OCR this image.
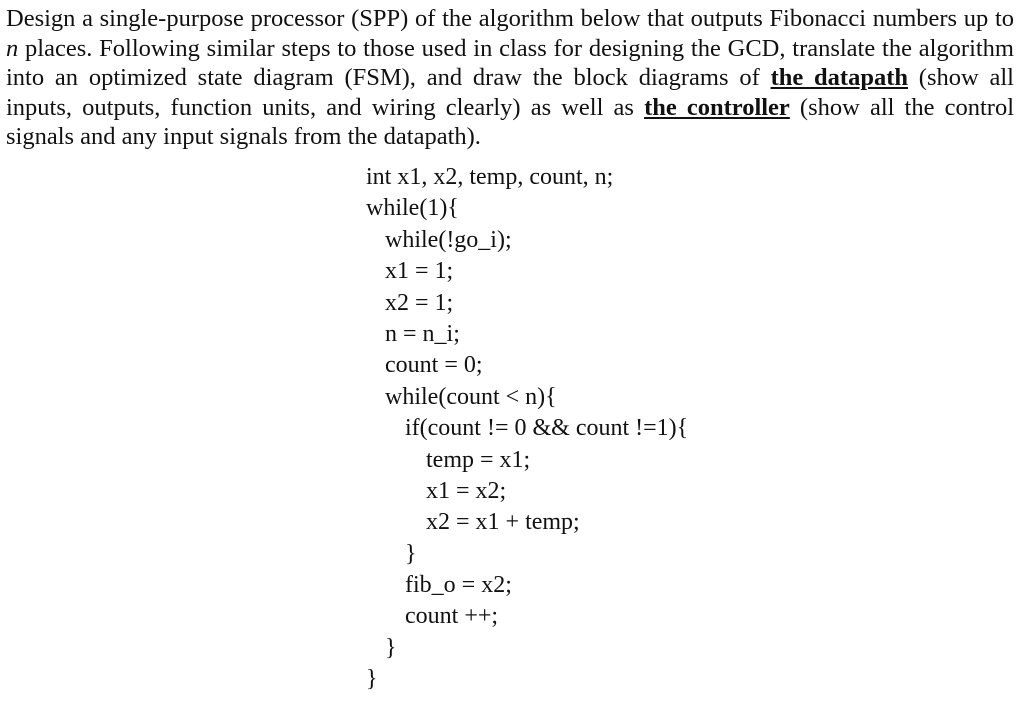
Design a single-purpose processor (SPP) of the algorithm below that outputs Fibonacci numbers up to n places. Following similar steps to those used in class for designing the GCD, translate the algorithm into an optimized state diagram (FSM), and draw the block diagrams of the datapath (show all inputs, outputs, function units, and wiring clearly) as well as the controller (show all the control signals and any input signals from the datapath).

int x1, x2, temp, count, n;
while(1){
while(!go_i);
x1 = 1;
x2 = 1;
n = n_i;
count = 0;
while(count < n){
if(count != 0 && count !=1){
temp = x1;
x1 = x2;
x2 = x1 + temp;
}
fib_o = x2;
count ++;
}
}
